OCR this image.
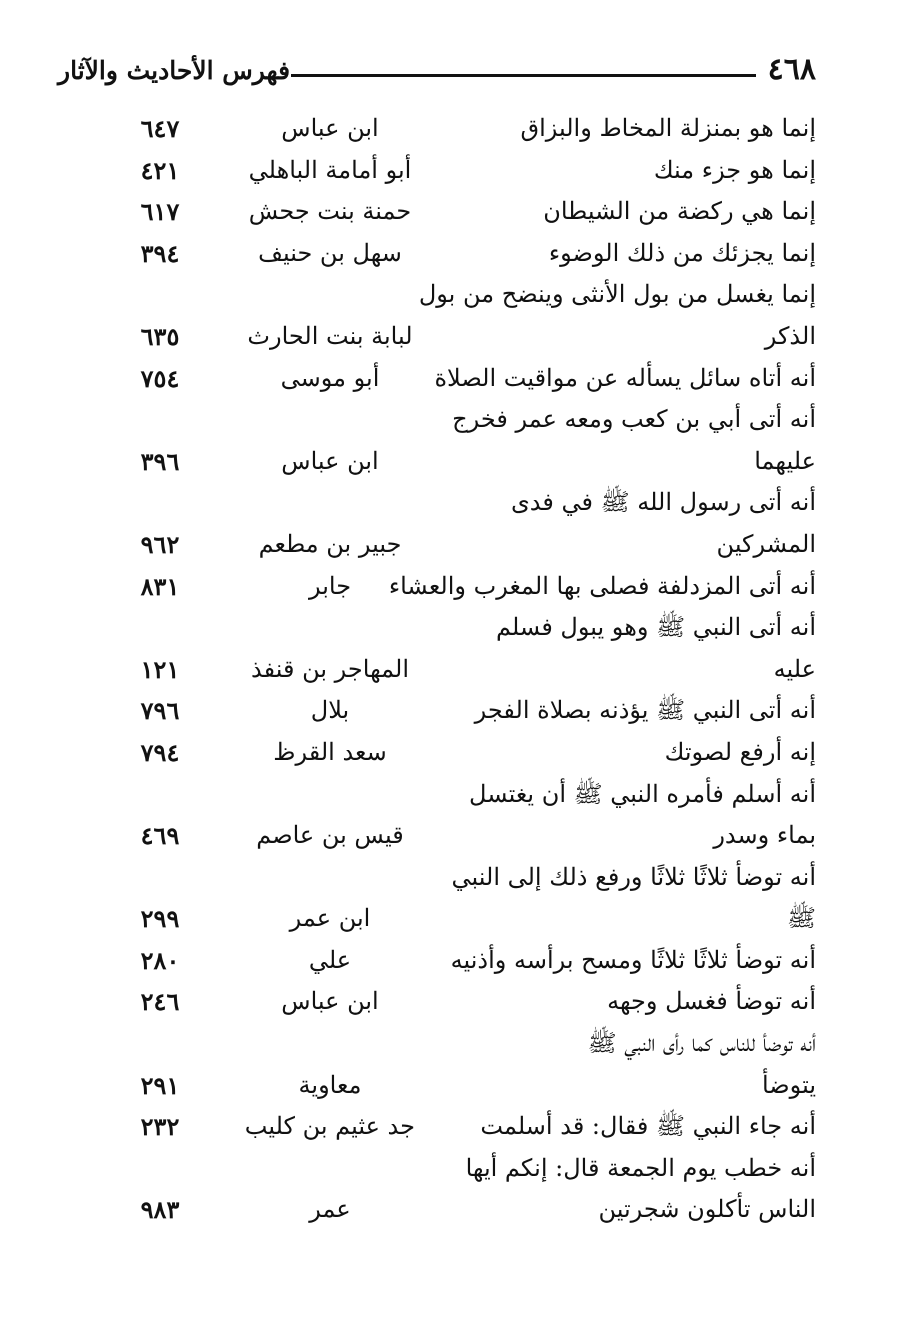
٤٦٨
فهرس الأحاديث والآثار
إنما هو بمنزلة المخاط والبزاق
ابن عباس
٦٤٧
إنما هو جزء منك
أبو أمامة الباهلي
٤٢١
إنما هي ركضة من الشيطان
حمنة بنت جحش
٦١٧
إنما يجزئك من ذلك الوضوء
سهل بن حنيف
٣٩٤
إنما يغسل من بول الأنثى وينضح من بول
الذكر
لبابة بنت الحارث
٦٣٥
أنه أتاه سائل يسأله عن مواقيت الصلاة
أبو موسى
٧٥٤
أنه أتى أبي بن كعب ومعه عمر فخرج
عليهما
ابن عباس
٣٩٦
أنه أتى رسول الله ﷺ في فدى
المشركين
جبير بن مطعم
٩٦٢
أنه أتى المزدلفة فصلى بها المغرب والعشاء
جابر
٨٣١
أنه أتى النبي ﷺ وهو يبول فسلم
عليه
المهاجر بن قنفذ
١٢١
أنه أتى النبي ﷺ يؤذنه بصلاة الفجر
بلال
٧٩٦
إنه أرفع لصوتك
سعد القرظ
٧٩٤
أنه أسلم فأمره النبي ﷺ أن يغتسل
بماء وسدر
قيس بن عاصم
٤٦٩
أنه توضأ ثلاثًا ثلاثًا ورفع ذلك إلى النبي
ﷺ
ابن عمر
٢٩٩
أنه توضأ ثلاثًا ثلاثًا ومسح برأسه وأذنيه
علي
٢٨٠
أنه توضأ فغسل وجهه
ابن عباس
٢٤٦
أنه توضأ للناس كما رأى النبي ﷺ
يتوضأ
معاوية
٢٩١
أنه جاء النبي ﷺ فقال: قد أسلمت
جد عثيم بن كليب
٢٣٢
أنه خطب يوم الجمعة قال: إنكم أيها
الناس تأكلون شجرتين
عمر
٩٨٣
